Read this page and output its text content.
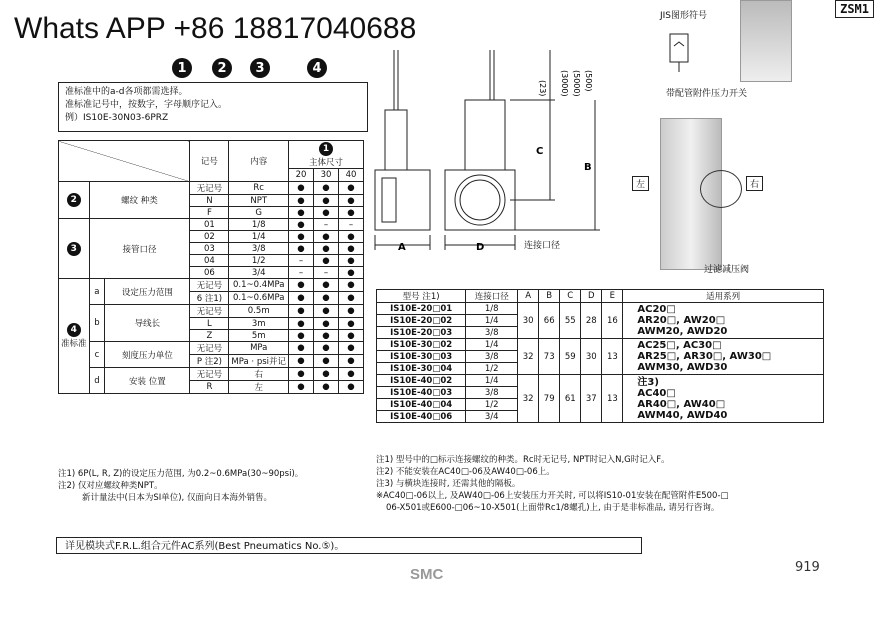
Whats APP +86 18817040688
ZSM1
1	2	3	4
准标准中的a-d各项都需选择。
准标准记号中，按数字，字母顺序记入。
例）IS10E-30N03-6PRZ
A	D
C
B
(23) (3000) (5000) (500)
连接口径
JIS图形符号
带配管附件压力开关
左	右
过滤减压阀
			记号	内容	1
主体尺寸		
					20	30	40
2	螺纹 种类		无记号	Rc	●	●	●
			N	NPT	●	●	●
			F	G	●	●	●
3	接管口径		01	1/8	●	–	–
			02	1/4	●	●	●
			03	3/8	●	●	●
			04	1/2	–	●	●
			06	3/4	–	–	●
4
准标准	a	设定压力范围	无记号	0.1~0.4MPa	●	●	●
			6 注1)	0.1~0.6MPa	●	●	●
	b	导线长	无记号	0.5m	●	●	●
			L	3m	●	●	●
			Z	5m	●	●	●
	c	刻度压力单位	无记号	MPa	●	●	●
			P 注2)	MPa · psi并记	●	●	●
	d	安装 位置	无记号	右	●	●	●
			R	左	●	●	●
注1) 6P(L, R, Z)的设定压力范围, 为0.2~0.6MPa(30~90psi)。
注2) 仅对应螺纹种类NPT。
新计量法中(日本为SI单位), 仅面向日本海外销售。
型号 注1)	连接口径	A	B	C	D	E	适用系列
IS10E-20□01	1/8	30	66	55	28	16	AC20□
AR20□, AW20□
AWM20, AWD20

IS10E-20□02	1/4						
IS10E-20□03	3/8						
IS10E-30□02	1/4	32	73	59	30	13	AC25□, AC30□
AR25□, AR30□, AW30□
AWM30, AWD30

IS10E-30□03	3/8						
IS10E-30□04	1/2						
IS10E-40□02	1/4	32	79	61	37	13	注3)
AC40□
AR40□, AW40□
AWM40, AWD40

IS10E-40□03	3/8						
IS10E-40□04	1/2						
IS10E-40□06	3/4						
注1) 型号中的□标示连接螺纹的种类。Rc时无记号, NPT时记入N,G时记入F。
注2) 不能安装在AC40□-06及AW40□-06上。
注3) 与横块连接时, 还需其他的隔板。
※AC40□-06以上, 及AW40□-06上安装压力开关时, 可以将IS10-01安装在配管附件E500-□
06-X501或E600-□06~10-X501(上面带Rc1/8螺孔)上, 由于是非标准品, 请另行咨询。
详见模块式F.R.L.组合元件AC系列(Best Pneumatics No.⑤)。
SMC	919
